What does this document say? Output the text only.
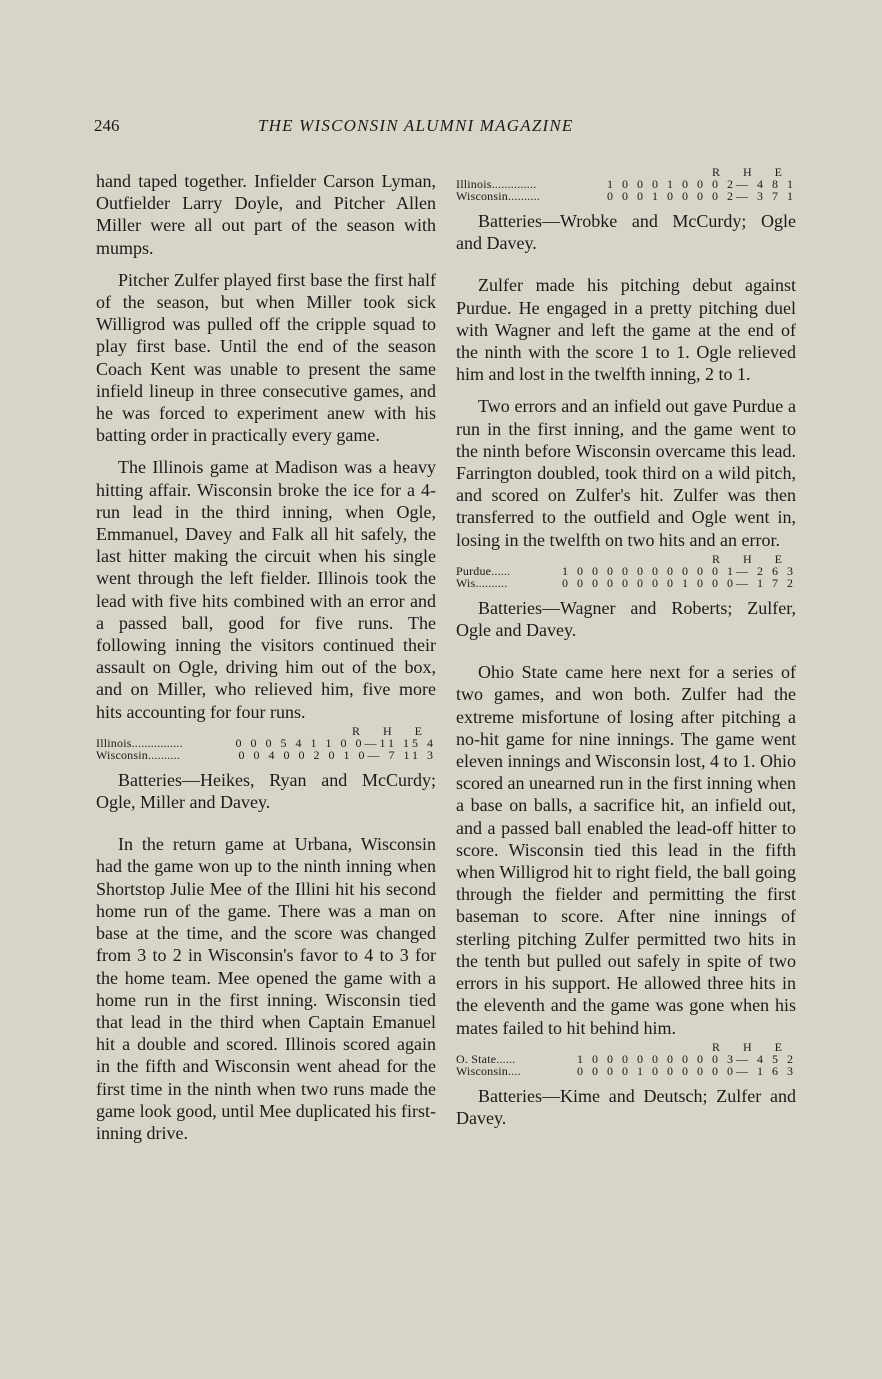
246	THE WISCONSIN ALUMNI MAGAZINE

hand taped together. Infielder Carson Lyman, Outfielder Larry Doyle, and Pitcher Allen Miller were all out part of the season with mumps.

Pitcher Zulfer played first base the first half of the season, but when Miller took sick Willigrod was pulled off the cripple squad to play first base. Until the end of the season Coach Kent was unable to present the same infield lineup in three consecutive games, and he was forced to experiment anew with his batting order in practically every game.

The Illinois game at Madison was a heavy hitting affair. Wisconsin broke the ice for a 4-run lead in the third inning, when Ogle, Emmanuel, Davey and Falk all hit safely, the last hitter making the circuit when his single went through the left fielder. Illinois took the lead with five hits combined with an error and a passed ball, good for five runs. The following inning the visitors continued their assault on Ogle, driving him out of the box, and on Miller, who relieved him, five more hits accounting for four runs.

R H E
Illinois................	0 0 0 5 4 1 1 0 0—11 15 4
Wisconsin..........	0 0 4 0 0 2 0 1 0— 7 11 3

Batteries—Heikes, Ryan and McCurdy; Ogle, Miller and Davey.

In the return game at Urbana, Wisconsin had the game won up to the ninth inning when Shortstop Julie Mee of the Illini hit his second home run of the game. There was a man on base at the time, and the score was changed from 3 to 2 in Wisconsin's favor to 4 to 3 for the home team. Mee opened the game with a home run in the first inning. Wisconsin tied that lead in the third when Captain Emanuel hit a double and scored. Illinois scored again in the fifth and Wisconsin went ahead for the first time in the ninth when two runs made the game look good, until Mee duplicated his first-inning drive.

R H E
Illinois..............	1 0 0 0 1 0 0 0 2— 4 8 1
Wisconsin..........	0 0 0 1 0 0 0 0 2— 3 7 1

Batteries—Wrobke and McCurdy; Ogle and Davey.

Zulfer made his pitching debut against Purdue. He engaged in a pretty pitching duel with Wagner and left the game at the end of the ninth with the score 1 to 1. Ogle relieved him and lost in the twelfth inning, 2 to 1.

Two errors and an infield out gave Purdue a run in the first inning, and the game went to the ninth before Wisconsin overcame this lead. Farrington doubled, took third on a wild pitch, and scored on Zulfer's hit. Zulfer was then transferred to the outfield and Ogle went in, losing in the twelfth on two hits and an error.

R H E
Purdue......	1 0 0 0 0 0 0 0 0 0 0 1— 2 6 3
Wis..........	0 0 0 0 0 0 0 0 1 0 0 0— 1 7 2

Batteries—Wagner and Roberts; Zulfer, Ogle and Davey.

Ohio State came here next for a series of two games, and won both. Zulfer had the extreme misfortune of losing after pitching a no-hit game for nine innings. The game went eleven innings and Wisconsin lost, 4 to 1. Ohio scored an unearned run in the first inning when a base on balls, a sacrifice hit, an infield out, and a passed ball enabled the lead-off hitter to score. Wisconsin tied this lead in the fifth when Willigrod hit to right field, the ball going through the fielder and permitting the first baseman to score. After nine innings of sterling pitching Zulfer permitted two hits in the tenth but pulled out safely in spite of two errors in his support. He allowed three hits in the eleventh and the game was gone when his mates failed to hit behind him.

R H E
O. State......	1 0 0 0 0 0 0 0 0 0 3— 4 5 2
Wisconsin....	0 0 0 0 1 0 0 0 0 0 0— 1 6 3

Batteries—Kime and Deutsch; Zulfer and Davey.
